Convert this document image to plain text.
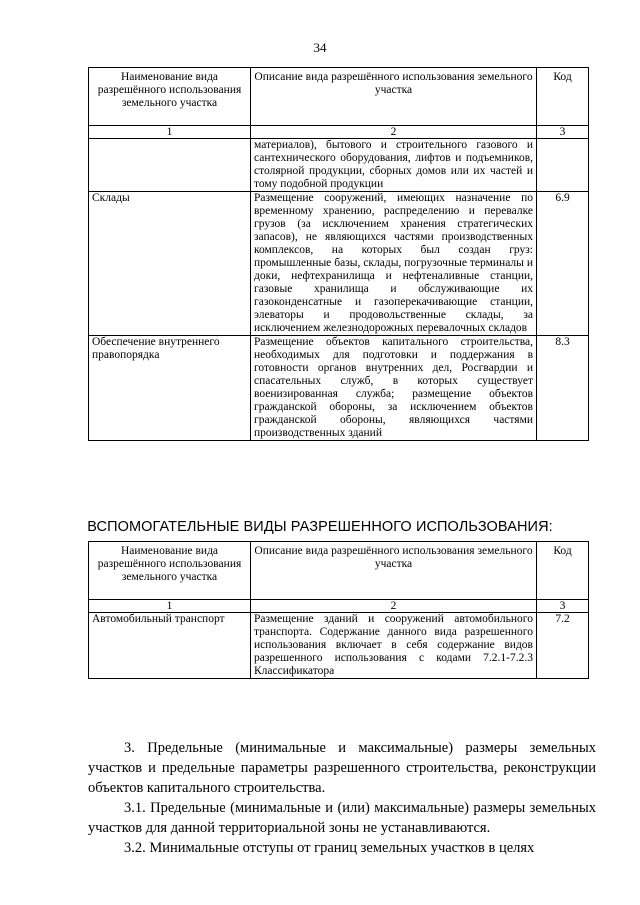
34
Наименование вида разрешённого использования земельного участка	Описание вида разрешённого использования земельного участка	Код
1	2	3
	материалов), бытового и строительного газового и сантехнического оборудования, лифтов и подъемников, столярной продукции, сборных домов или их частей и тому подобной продукции	
Склады	Размещение сооружений, имеющих назначение по временному хранению, распределению и перевалке грузов (за исключением хранения стратегических запасов), не являющихся частями производственных комплексов, на которых был создан груз: промышленные базы, склады, погрузочные терминалы и доки, нефтехранилища и нефтеналивные станции, газовые хранилища и обслуживающие их газоконденсатные и газоперекачивающие станции, элеваторы и продовольственные склады, за исключением железнодорожных перевалочных складов	6.9
Обеспечение внутреннего правопорядка	Размещение объектов капитального строительства, необходимых для подготовки и поддержания в готовности органов внутренних дел, Росгвардии и спасательных служб, в которых существует военизированная служба; размещение объектов гражданской обороны, за исключением объектов гражданской обороны, являющихся частями производственных зданий	8.3
ВСПОМОГАТЕЛЬНЫЕ ВИДЫ РАЗРЕШЕННОГО ИСПОЛЬЗОВАНИЯ:
Наименование вида разрешённого использования земельного участка	Описание вида разрешённого использования земельного участка	Код
1	2	3
Автомобильный транспорт	Размещение зданий и сооружений автомобильного транспорта. Содержание данного вида разрешенного использования включает в себя содержание видов разрешенного использования с кодами 7.2.1-7.2.3 Классификатора	7.2

3. Предельные (минимальные и максимальные) размеры земельных участков и предельные параметры разрешенного строительства, реконструкции объектов капитального строительства.

3.1. Предельные (минимальные и (или) максимальные) размеры земельных участков для данной территориальной зоны не устанавливаются.

3.2. Минимальные отступы от границ земельных участков в целях
